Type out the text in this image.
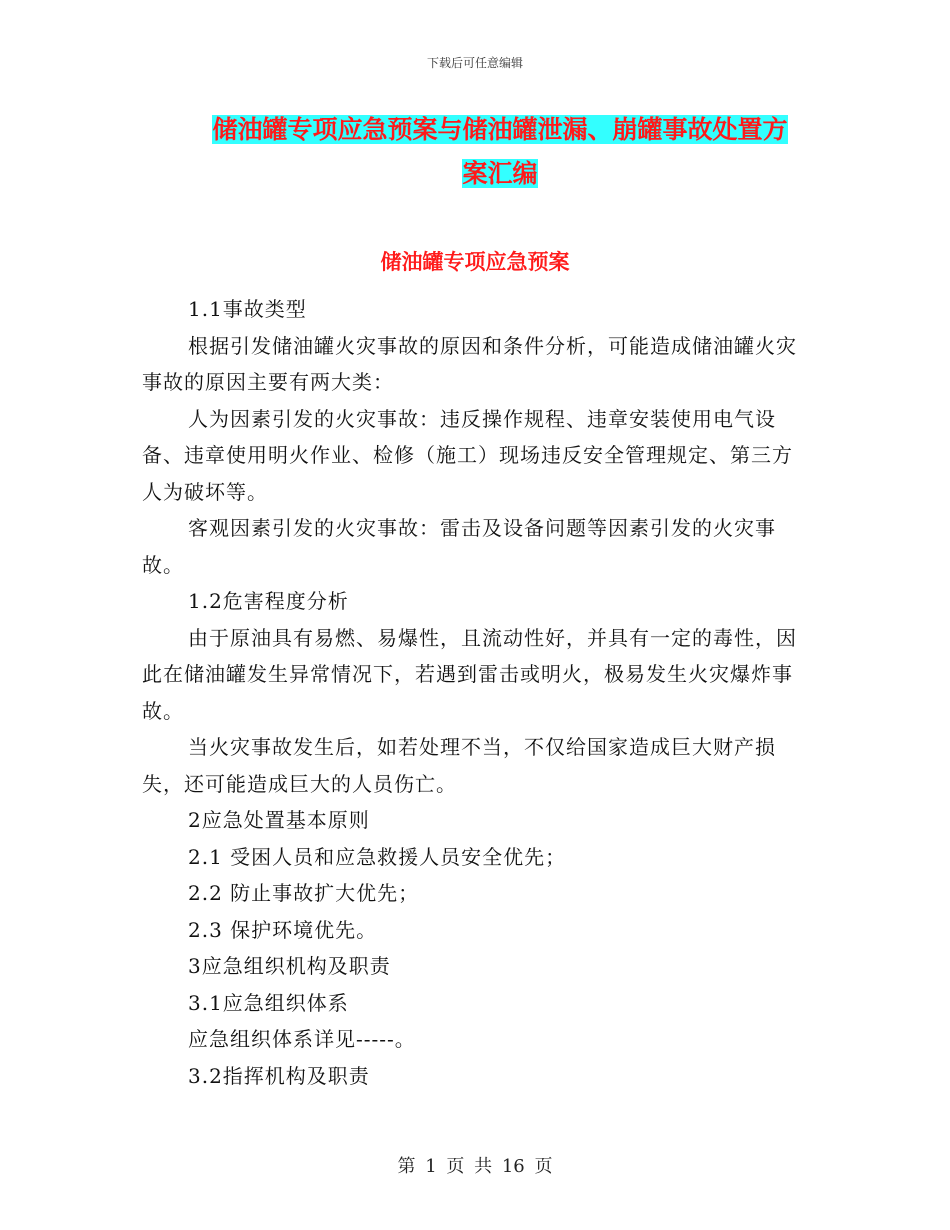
下载后可任意编辑
储油罐专项应急预案与储油罐泄漏、崩罐事故处置方
案汇编
储油罐专项应急预案

1.1事故类型

根据引发储油罐火灾事故的原因和条件分析，可能造成储油罐火灾事故的原因主要有两大类：

人为因素引发的火灾事故：违反操作规程、违章安装使用电气设备、违章使用明火作业、检修（施工）现场违反安全管理规定、第三方人为破坏等。

客观因素引发的火灾事故：雷击及设备问题等因素引发的火灾事故。

1.2危害程度分析

由于原油具有易燃、易爆性，且流动性好，并具有一定的毒性，因此在储油罐发生异常情况下，若遇到雷击或明火，极易发生火灾爆炸事故。

当火灾事故发生后，如若处理不当，不仅给国家造成巨大财产损失，还可能造成巨大的人员伤亡。

2应急处置基本原则

2.1 受困人员和应急救援人员安全优先；

2.2 防止事故扩大优先；

2.3 保护环境优先。

3应急组织机构及职责

3.1应急组织体系

应急组织体系详见-----。

3.2指挥机构及职责

第 1 页 共 16 页
